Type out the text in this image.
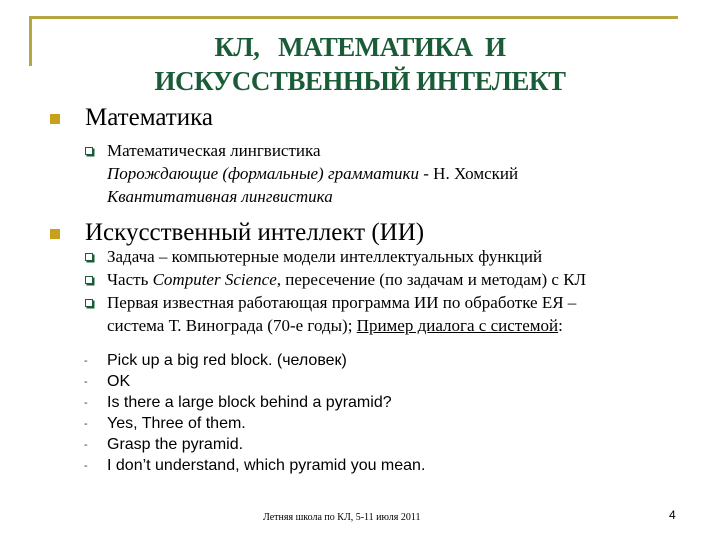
КЛ,   МАТЕМАТИКА  И
ИСКУССТВЕННЫЙ ИНТЕЛЕКТ
Математика
Математическая лингвистика
Порождающие (формальные) грамматики - Н. Хомский
Квантитативная лингвистика
Искусственный интеллект (ИИ)
Задача – компьютерные модели интеллектуальных функций
Часть Computer Science, пересечение (по задачам и методам) с КЛ
Первая известная работающая программа ИИ по обработке ЕЯ –
система Т. Винограда (70-е годы); Пример диалога с системой:
- Pick up a big red block. (человек)
- OK
- Is there a large block behind a pyramid?
- Yes, Three of them.
- Grasp the pyramid.
- I don’t understand, which pyramid you mean.
Летняя школа по КЛ, 5-11 июля 2011	4
